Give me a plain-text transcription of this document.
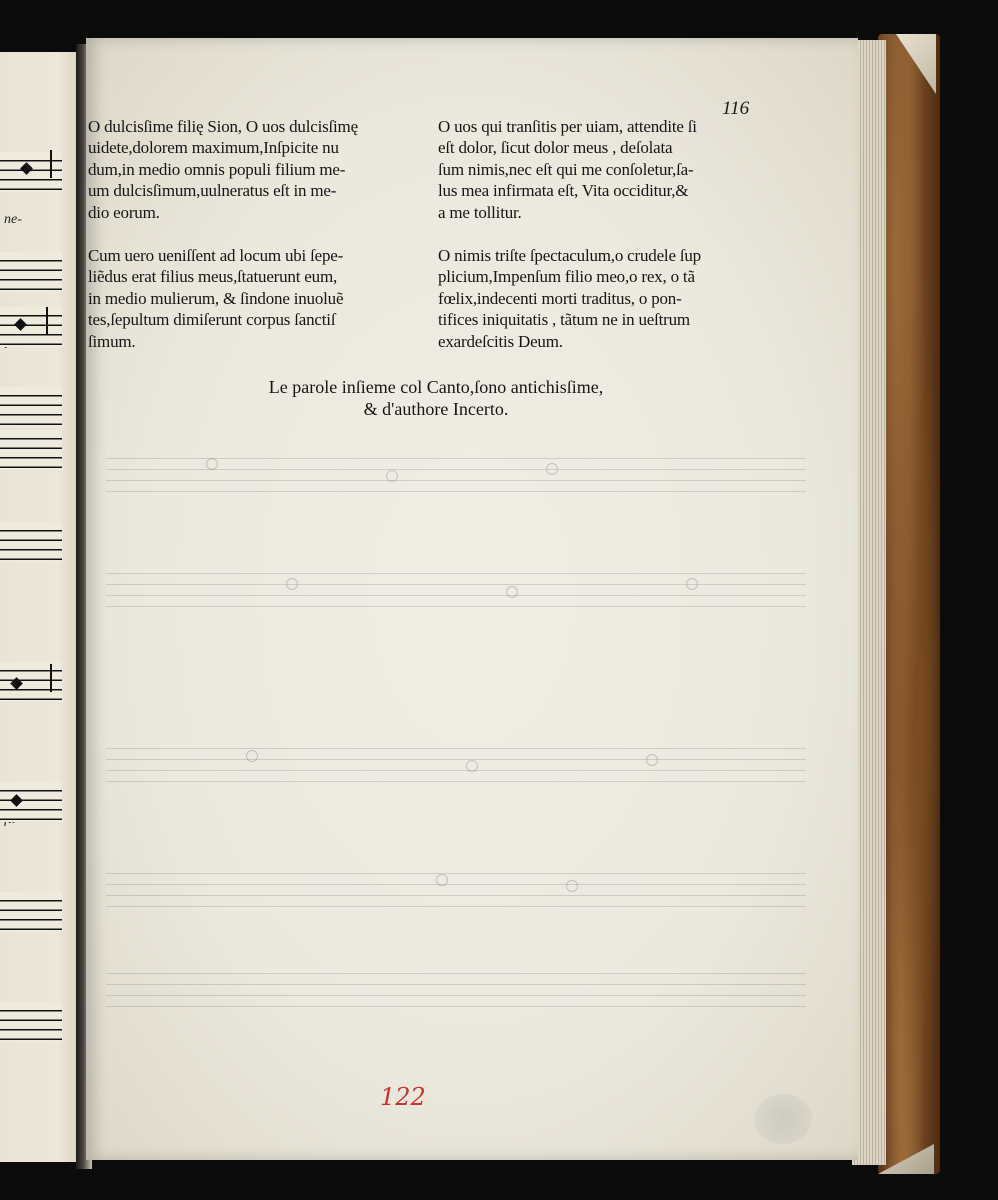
ne-
116
O dulcisſime filię Sion, O uos dulcisſimę
uidete,dolorem maximum,Inſpicite nu
dum,in medio omnis populi filium me-
um dulcisſimum,uulneratus eſt in me-
dio eorum.
Cum uero ueniſſent ad locum ubi ſepe-
liẽdus erat filius meus,ſtatuerunt eum,
in medio mulierum, & ſindone inuoluẽ
tes,ſepultum dimiſerunt corpus ſanctiſ
ſimum.
O uos qui tranſitis per uiam, attendite ſi
eſt dolor, ſicut dolor meus , deſolata
ſum nimis,nec eſt qui me conſoletur,ſa-
lus mea infirmata eſt, Vita occiditur,&
a me tollitur.
O nimis triſte ſpectaculum,o crudele ſup
plicium,Impenſum filio meo,o rex, o tã
fœlix,indecenti morti traditus, o pon-
tifices iniquitatis , tãtum ne in ueſtrum
exardeſcitis Deum.
Le parole inſieme col Canto,ſono antichisſime,
& d'authore Incerto.
122
